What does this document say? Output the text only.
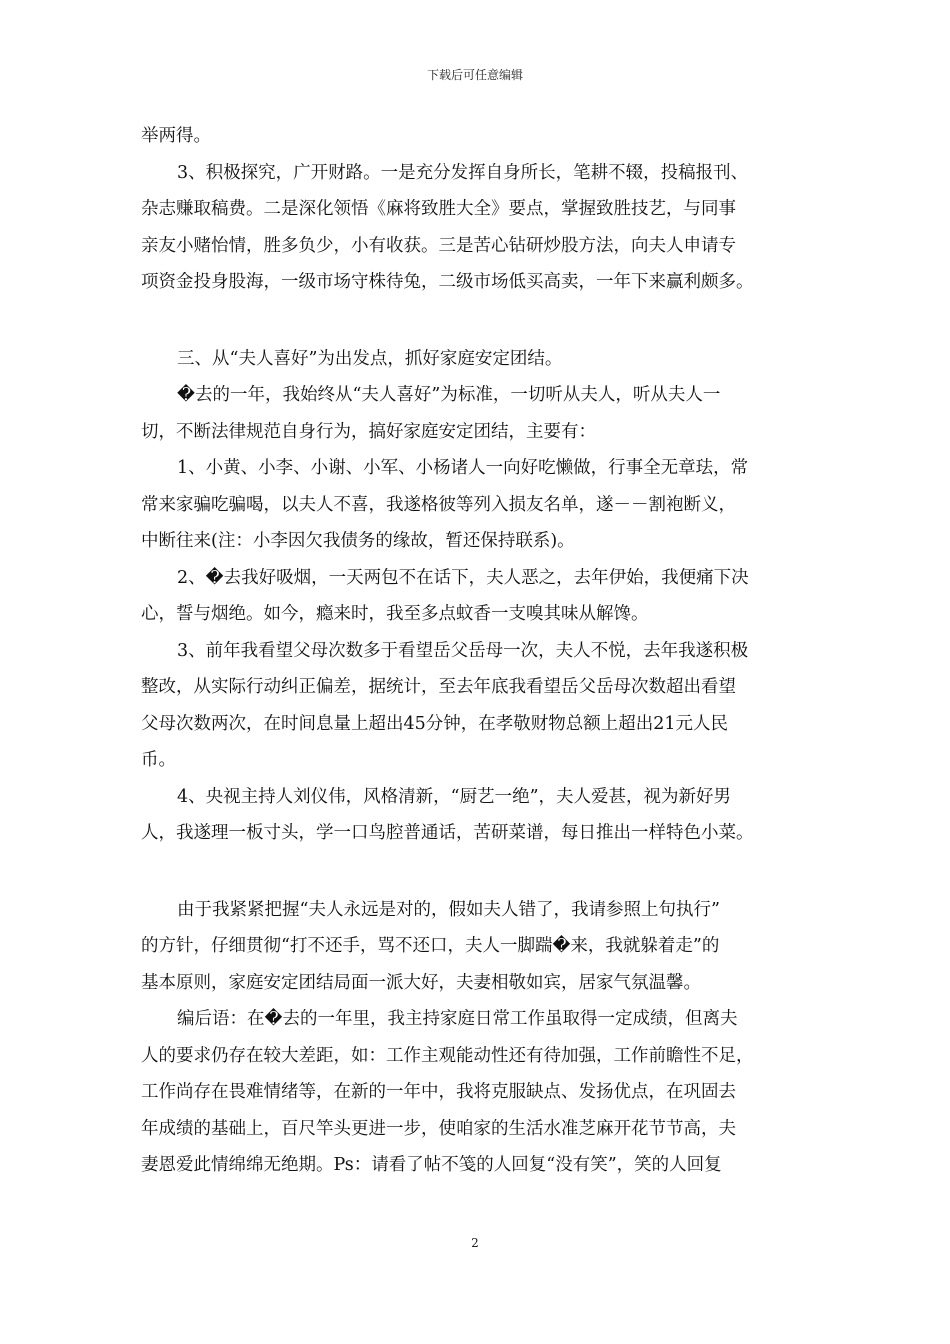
下载后可任意编辑

举两得。

3、积极探究，广开财路。一是充分发挥自身所长，笔耕不辍，投稿报刊、

杂志赚取稿费。二是深化领悟《麻将致胜大全》要点，掌握致胜技艺，与同事

亲友小赌怡情，胜多负少，小有收获。三是苦心钻研炒股方法，向夫人申请专

项资金投身股海，一级市场守株待兔，二级市场低买高卖，一年下来赢利颇多。

三、从“夫人喜好”为出发点，抓好家庭安定团结。

�去的一年，我始终从“夫人喜好”为标准，一切听从夫人，听从夫人一

切，不断法律规范自身行为，搞好家庭安定团结，主要有：

1、小黄、小李、小谢、小军、小杨诸人一向好吃懒做，行事全无章珐，常

常来家骗吃骗喝，以夫人不喜，我遂格彼等列入损友名单，遂－－割袍断义，

中断往来(注：小李因欠我债务的缘故，暂还保持联系)。

2、�去我好吸烟，一天两包不在话下，夫人恶之，去年伊始，我便痛下决

心，誓与烟绝。如今，瘾来时，我至多点蚊香一支嗅其味从解馋。

3、前年我看望父母次数多于看望岳父岳母一次，夫人不悦，去年我遂积极

整改，从实际行动纠正偏差，据统计，至去年底我看望岳父岳母次数超出看望

父母次数两次，在时间息量上超出45分钟，在孝敬财物总额上超出21元人民

币。

4、央视主持人刘仪伟，风格清新，“厨艺一绝”，夫人爱甚，视为新好男

人，我遂理一板寸头，学一口鸟腔普通话，苦研菜谱，每日推出一样特色小菜。

由于我紧紧把握“夫人永远是对的，假如夫人错了，我请参照上句执行”

的方针，仔细贯彻“打不还手，骂不还口，夫人一脚踹�来，我就躲着走”的

基本原则，家庭安定团结局面一派大好，夫妻相敬如宾，居家气氛温馨。

编后语：在�去的一年里，我主持家庭日常工作虽取得一定成绩，但离夫

人的要求仍存在较大差距，如：工作主观能动性还有待加强，工作前瞻性不足，

工作尚存在畏难情绪等，在新的一年中，我将克服缺点、发扬优点，在巩固去

年成绩的基础上，百尺竿头更进一步，使咱家的生活水准芝麻开花节节高，夫

妻恩爱此情绵绵无绝期。Ps：请看了帖不笺的人回复“没有笑”，笑的人回复

2
